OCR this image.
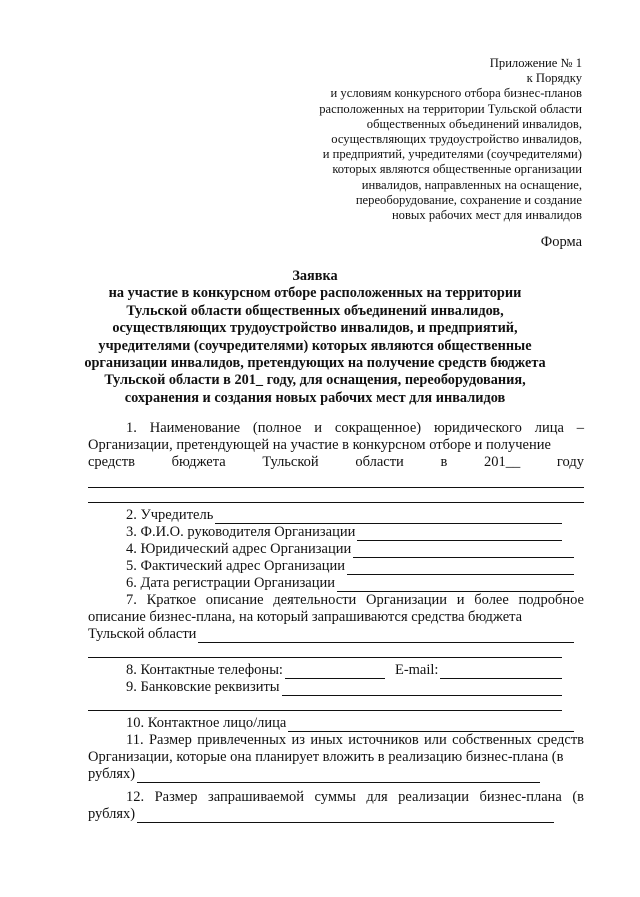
Приложение № 1
к Порядку
и условиям конкурсного отбора бизнес-планов
расположенных на территории Тульской области
общественных объединений инвалидов,
осуществляющих трудоустройство инвалидов,
и предприятий, учредителями (соучредителями)
которых являются общественные организации
инвалидов, направленных на оснащение,
переоборудование, сохранение и создание
новых рабочих мест для инвалидов
Форма
Заявка
на участие в конкурсном отборе расположенных на территории
Тульской области общественных объединений инвалидов,
осуществляющих трудоустройство инвалидов, и предприятий,
учредителями (соучредителями) которых являются общественные
организации инвалидов, претендующих на получение средств бюджета
Тульской области в 201_ году, для оснащения, переоборудования,
сохранения и создания новых рабочих мест для инвалидов

1. Наименование (полное и сокращенное) юридического лица – Организации, претендующей на участие в конкурсном отборе и получение

средств	бюджета	Тульской	области	в	201__	году
2. Учредитель
3. Ф.И.О. руководителя Организации
4. Юридический адрес Организации
5. Фактический адрес Организации
6. Дата регистрации Организации

7. Краткое описание деятельности Организации и более подробное описание бизнес-плана, на который запрашиваются средства бюджета

Тульской области
8. Контактные телефоны:	E-mail:
9. Банковские реквизиты
10. Контактное лицо/лица

11. Размер привлеченных из иных источников или собственных средств Организации, которые она планирует вложить в реализацию бизнес-плана (в

рублях)

12. Размер запрашиваемой суммы для реализации бизнес-плана (в

рублях)
